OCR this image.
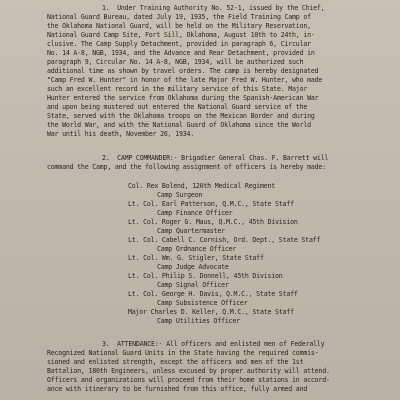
1.  Under Training Authority No. 52-1, issued by the Chief,

National Guard Bureau, dated July 19, 1935, the Field Training Camp of

the Oklahoma National Guard, will be held on the Military Reservation,

National Guard Camp Site, Fort Sill, Oklahoma, August 10th to 24th, in-

clusive. The Camp Supply Detachment, provided in paragraph 6, Circular

No. 14 A-8, NGB, 1934, and the Advance and Rear Detachment, provided in

paragraph 9, Circular No. 14 A-8, NGB, 1934, will be authorized such

additional time as shown by travel orders. The camp is hereby designated

"Camp Fred W. Hunter" in honor of the late Major Fred W. Hunter, who made

such an excellent record in the military service of this State. Major

Hunter entered the service from Oklahoma during the Spanish-American War

and upon being mustered out entered the National Guard service of the

State, served with the Oklahoma troops on the Mexican Border and during

the World War, and with the National Guard of Oklahoma since the World

War until his death, November 26, 1934.

2.  CAMP COMMANDER:- Brigadier General Chas. F. Barrett will

command the Camp, and the following assignment of officers is hereby made:

Col. Rex Bolend, 120th Medical Regiment

Camp Surgeon

Lt. Col. Earl Patterson, Q.M.C., State Staff

Camp Finance Officer

Lt. Col. Roger G. Maus, Q.M.C., 45th Division

Camp Quartermaster

Lt. Col. Cabell C. Cornish, Ord. Dept., State Staff

Camp Ordnance Officer

Lt. Col. Wm. G. Stigler, State Staff

Camp Judge Advocate

Lt. Col. Philip S. Donnell, 45th Division

Camp Signal Officer

Lt. Col. George H. Davis, Q.M.C., State Staff

Camp Subsistence Officer

Major Charles D. Keller, Q.M.C., State Staff

Camp Utilities Officer

3.  ATTENDANCE:- All officers and enlisted men of Federally

Recognized National Guard Units in the State having the required commis-

sioned and enlisted strength, except the officers and men of the 1st

Battalion, 180th Engineers, unless excused by proper authority will attend.

Officers and organizations will proceed from their home stations in accord-

ance with itinerary to be furnished from this office, fully armed and
